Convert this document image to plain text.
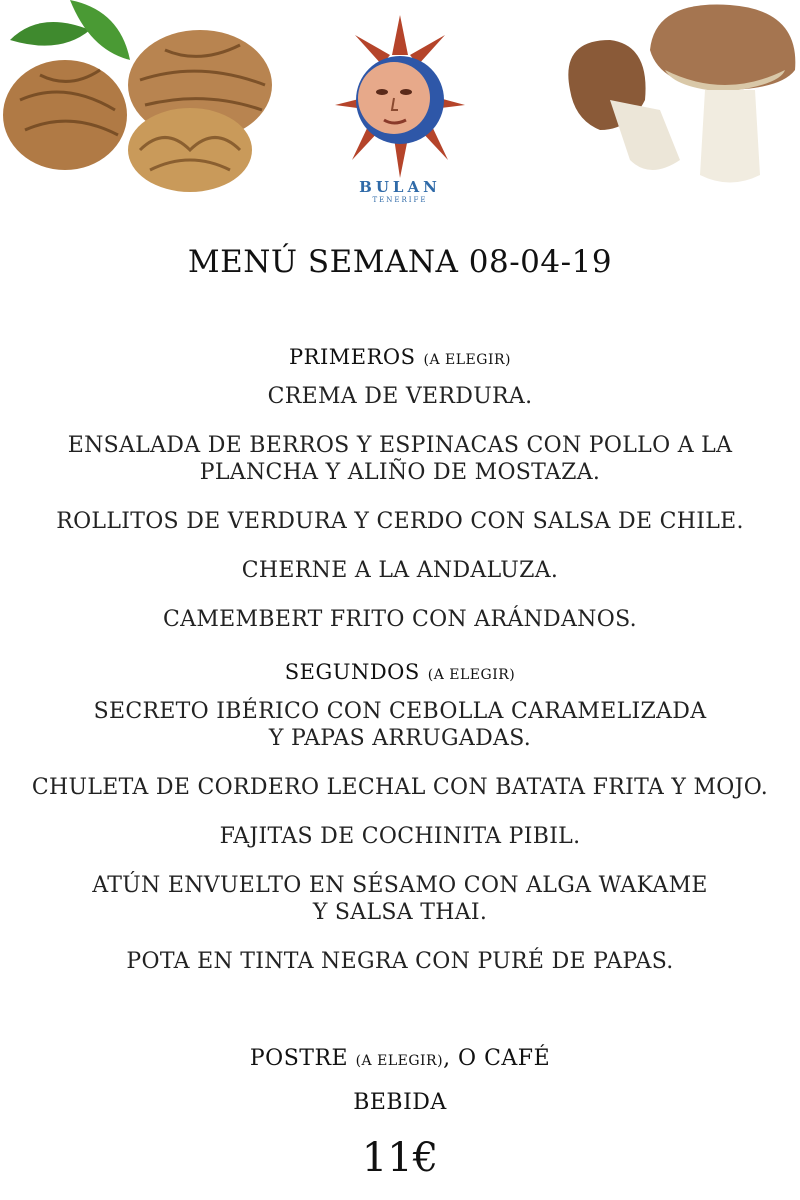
BULAN
TENERIFE
MENÚ SEMANA 08-04-19
PRIMEROS (A ELEGIR)
CREMA DE VERDURA.
ENSALADA DE BERROS Y ESPINACAS CON POLLO A LA
PLANCHA Y ALIÑO DE MOSTAZA.
ROLLITOS DE VERDURA Y CERDO CON SALSA DE CHILE.
CHERNE A LA ANDALUZA.
CAMEMBERT FRITO CON ARÁNDANOS.
SEGUNDOS (A ELEGIR)
SECRETO IBÉRICO CON CEBOLLA CARAMELIZADA
Y PAPAS ARRUGADAS.
CHULETA DE CORDERO LECHAL CON BATATA FRITA Y MOJO.
FAJITAS DE COCHINITA PIBIL.
ATÚN ENVUELTO EN SÉSAMO CON ALGA WAKAME
Y SALSA THAI.
POTA EN TINTA NEGRA CON PURÉ DE PAPAS.
POSTRE (A ELEGIR), O CAFÉ
BEBIDA
11€
